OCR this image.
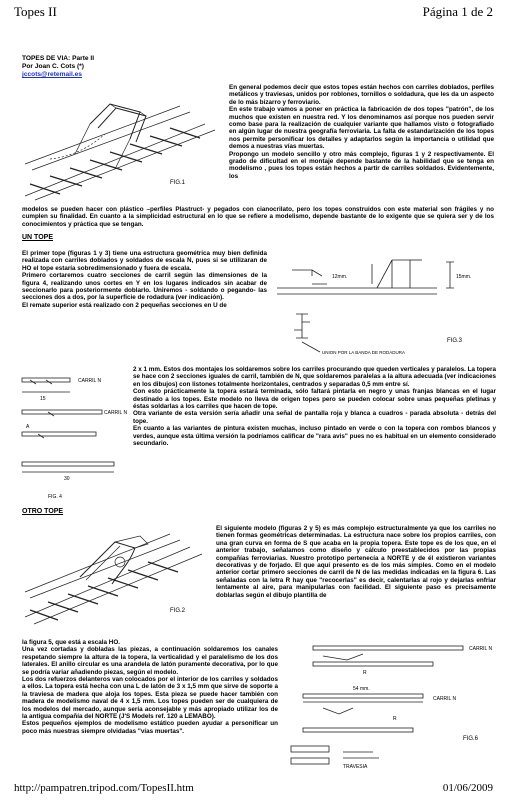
Topes II	Página 1 de 2
TOPES DE VIA: Parte II
Por Joan C. Cots (*)
jccots@retemail.es
FIG.1

En general podemos decir que estos topes están hechos con carriles doblados, perfiles metálicos y traviesas, unidos por roblones, tornillos o soldadura, que les da un aspecto de lo más bizarro y ferroviario.

En este trabajo vamos a poner en práctica la fabricación de dos topes "patrón", de los muchos que existen en nuestra red. Y los denominamos así porque nos pueden servir como base para la realización de cualquier variante que hallamos visto o fotografiado en algún lugar de nuestra geografía ferroviaria. La falta de estandarización de los topes nos permite personificar los detalles y adaptarlos según la importancia o utilidad que demos a nuestras vías muertas.

Propongo un modelo sencillo y otro más complejo, figuras 1 y 2 respectivamente. El grado de dificultad en el montaje depende bastante de la habilidad que se tenga en modelismo , pues los topes están hechos a partir de carriles soldados. Evidentemente, los

modelos se pueden hacer con plástico –perfiles Plastruct- y pegados con cianocrilato, pero los topes construidos con este material son frágiles y no cumplen su finalidad. En cuanto a la simplicidad estructural en lo que se refiere a modelismo, depende bastante de lo exigente que se quiera ser y de los conocimientos y práctica que se tengan.

UN TOPE

El primer tope (figuras 1 y 3) tiene una estructura geométrica muy bien definida realizada con carriles doblados y soldados de escala N, pues si se utilizaran de HO el tope estaría sobredimensionado y fuera de escala.

Primero cortaremos cuatro secciones de carril según las dimensiones de la figura 4, realizando unos cortes en Y en los lugares indicados sin acabar de seccionarlo para posteriormente doblarlo. Uniremos - soldando o pegando- las secciones dos a dos, por la superficie de rodadura (ver indicación).

El remate superior está realizado con 2 pequeñas secciones en U de

15mm.
12mm.
UNION POR LA BANDA DE RODADURA
FIG.3
CARRIL N
15
CARRIL N
A
30
FIG. 4

2 x 1 mm. Estos dos montajes los soldaremos sobre los carriles procurando que queden verticales y paralelos. La topera se hace con 2 secciones iguales de carril, también de N, que soldaremos paralelas a la altura adecuada (ver indicaciones en los dibujos) con listones totalmente horizontales, centrados y separadas 0,5 mm entre sí.

Con esto prácticamente la topera estará terminada, sólo faltará pintarla en negro y unas franjas blancas en el lugar destinado a los topes. Este modelo no lleva de origen topes pero se pueden colocar sobre unas pequeñas pletinas y éstas soldarlas a los carriles que hacen de tope.

Otra variante de esta versión sería añadir una señal de pantalla roja y blanca a cuadros - parada absoluta - detrás del tope.

En cuanto a las variantes de pintura existen muchas, incluso pintado en verde o con la topera con rombos blancos y verdes, aunque esta última versión la podríamos calificar de "rara avis" pues no es habitual en un elemento considerado secundario.

OTRO TOPE
FIG.2

El siguiente modelo (figuras 2 y 5) es más complejo estructuralmente ya que los carriles no tienen formas geométricas determinadas. La estructura nace sobre los propios carriles, con una gran curva en forma de S que acaba en la propia topera. Este tope es de los que, en el anterior trabajo, señalamos como diseño y cálculo preestablecidos por las propias compañías ferroviarias. Nuestro prototipo pertenecía a NORTE y de él existieron variantes decorativas y de forjado. El que aquí presento es de los más simples. Como en el modelo anterior cortar primero secciones de carril de N de las medidas indicadas en la figura 6. Las señaladas con la letra R hay que "recocerlas" es decir, calentarlas al rojo y dejarlas enfriar lentamente al aire, para manipularlas con facilidad. El siguiente paso es precisamente doblarlas según el dibujo plantilla de

la figura 5, que está a escala HO.

Una vez cortadas y dobladas las piezas, a continuación soldaremos los canales respetando siempre la altura de la topera, la verticalidad y el paralelismo de los dos laterales. El anillo circular es una arandela de latón puramente decorativa, por lo que se podría variar añadiendo piezas, según el modelo.

Los dos refuerzos delanteros van colocados por el interior de los carriles y soldados a ellos. La topera está hecha con una L de latón de 3 x 1,5 mm que sirve de soporte a la traviesa de madera que aloja los topes. Esta pieza se puede hacer también con madera de modelismo naval de 4 x 1,5 mm. Los topes pueden ser de cualquiera de los modelos del mercado, aunque sería aconsejable y más apropiado utilizar los de la antigua compañía del NORTE (J'S Models ref. 120 a LEMABO).

Estos pequeños ejemplos de modelismo estático pueden ayudar a personificar un poco más nuestras siempre olvidadas "vías muertas".

CARRIL N
54 mm.
R
CARRIL N
R
TRAVESIA
FIG.6
http://pampatren.tripod.com/TopesII.htm	01/06/2009
